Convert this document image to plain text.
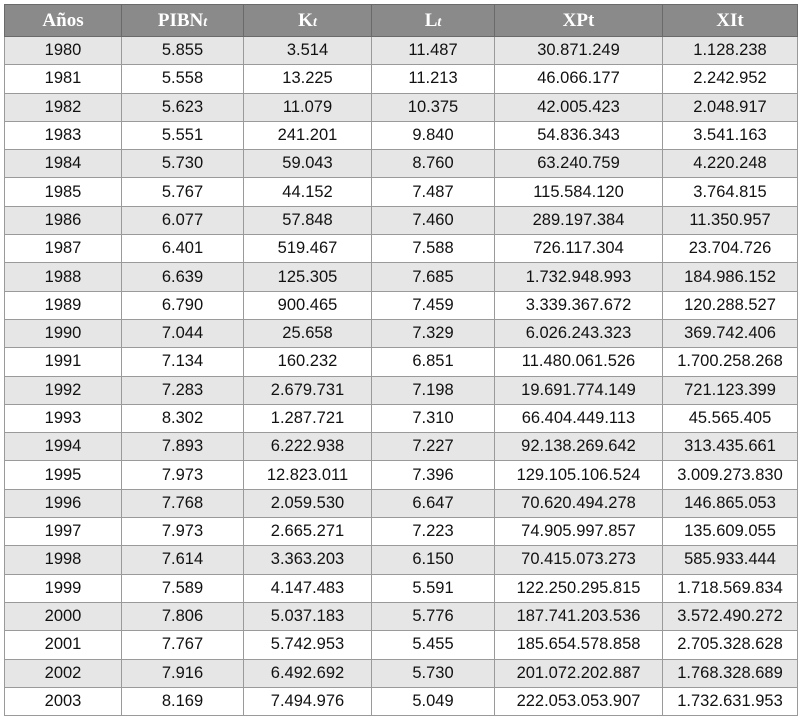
Años	PIBNt	Kt	Lt	XPt	XIt
1980	5.855	3.514	11.487	30.871.249	1.128.238
1981	5.558	13.225	11.213	46.066.177	2.242.952
1982	5.623	11.079	10.375	42.005.423	2.048.917
1983	5.551	241.201	9.840	54.836.343	3.541.163
1984	5.730	59.043	8.760	63.240.759	4.220.248
1985	5.767	44.152	7.487	115.584.120	3.764.815
1986	6.077	57.848	7.460	289.197.384	11.350.957
1987	6.401	519.467	7.588	726.117.304	23.704.726
1988	6.639	125.305	7.685	1.732.948.993	184.986.152
1989	6.790	900.465	7.459	3.339.367.672	120.288.527
1990	7.044	25.658	7.329	6.026.243.323	369.742.406
1991	7.134	160.232	6.851	11.480.061.526	1.700.258.268
1992	7.283	2.679.731	7.198	19.691.774.149	721.123.399
1993	8.302	1.287.721	7.310	66.404.449.113	45.565.405
1994	7.893	6.222.938	7.227	92.138.269.642	313.435.661
1995	7.973	12.823.011	7.396	129.105.106.524	3.009.273.830
1996	7.768	2.059.530	6.647	70.620.494.278	146.865.053
1997	7.973	2.665.271	7.223	74.905.997.857	135.609.055
1998	7.614	3.363.203	6.150	70.415.073.273	585.933.444
1999	7.589	4.147.483	5.591	122.250.295.815	1.718.569.834
2000	7.806	5.037.183	5.776	187.741.203.536	3.572.490.272
2001	7.767	5.742.953	5.455	185.654.578.858	2.705.328.628
2002	7.916	6.492.692	5.730	201.072.202.887	1.768.328.689
2003	8.169	7.494.976	5.049	222.053.053.907	1.732.631.953
